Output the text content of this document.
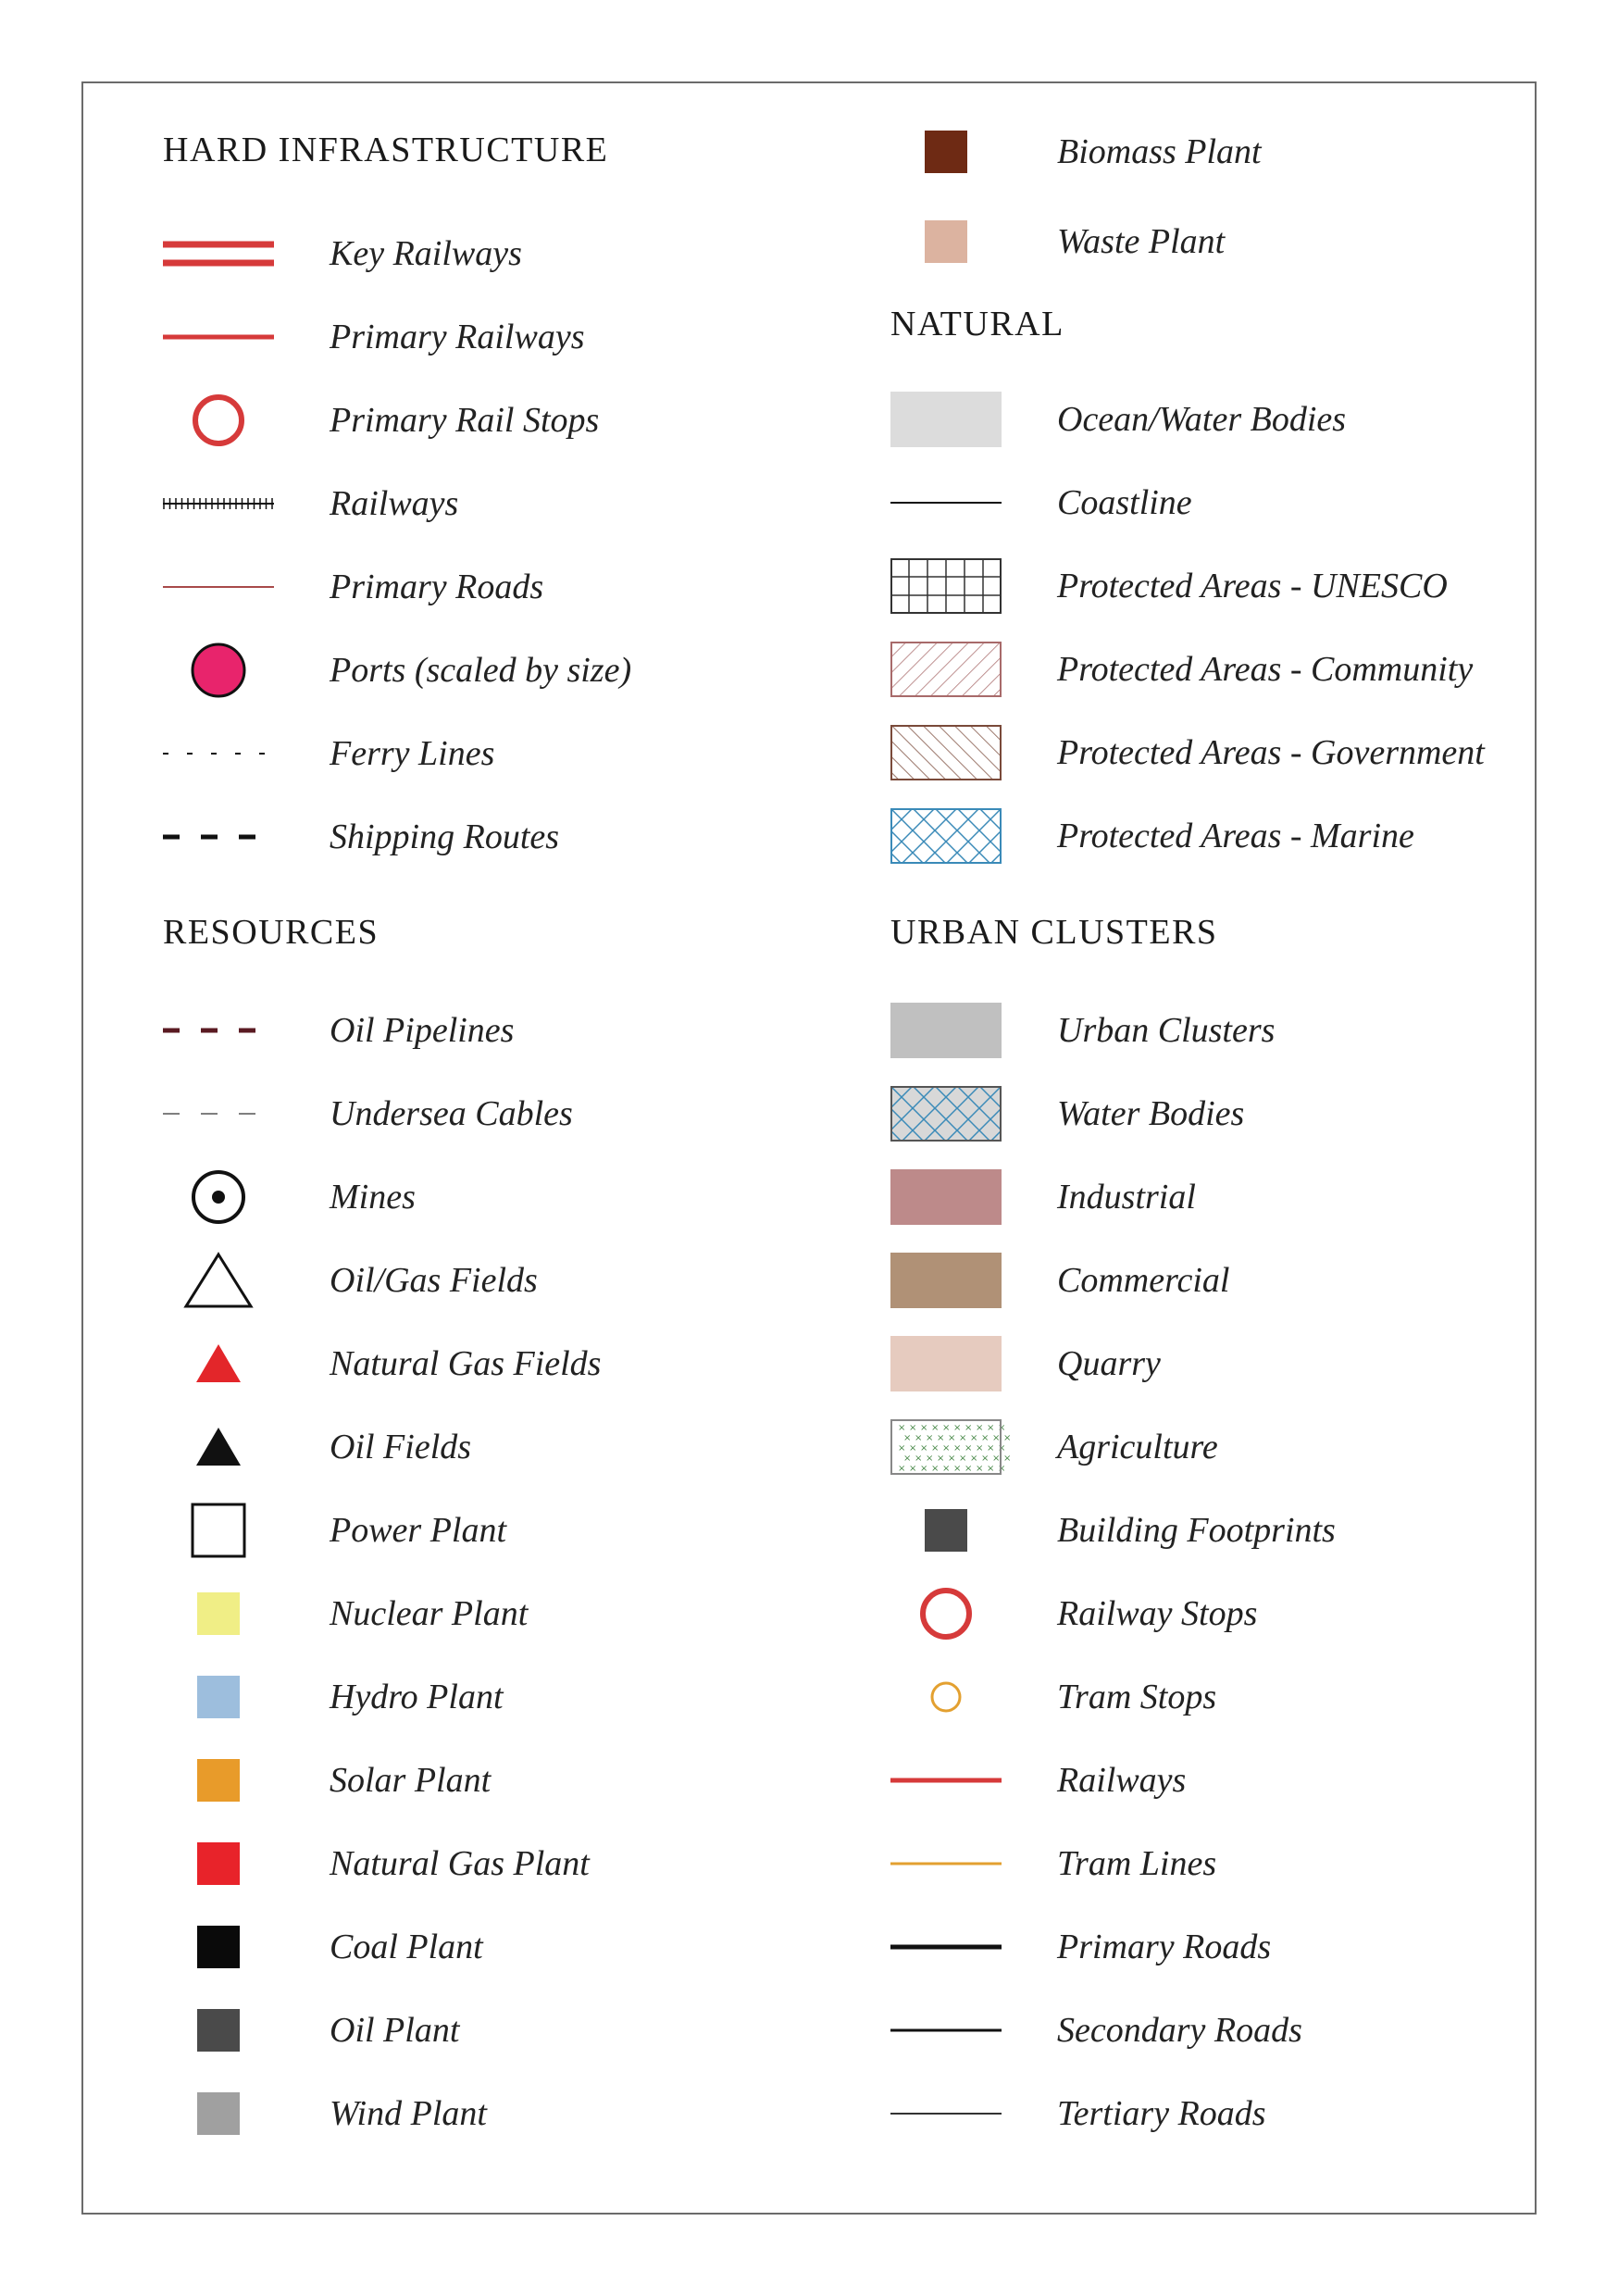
HARD INFRASTRUCTURE
RESOURCES
NATURAL
URBAN CLUSTERS
Key Railways
Primary Railways
Primary Rail Stops
Railways
Primary Roads
Ports (scaled by size)
Ferry Lines
Shipping Routes
Oil Pipelines
Undersea Cables
Mines
Oil/Gas Fields
Natural Gas Fields
Oil Fields
Power Plant
Nuclear Plant
Hydro Plant
Solar Plant
Natural Gas Plant
Coal Plant
Oil Plant
Wind Plant
Biomass Plant
Waste Plant
Ocean/Water Bodies
Coastline
Protected Areas - UNESCO
Protected Areas - Community
Protected Areas - Government
Protected Areas - Marine
Urban Clusters
Water Bodies
Industrial
Commercial
Quarry
× × × × × × × × × ×
× × × × × × × × × ×
× × × × × × × × × ×
× × × × × × × × × ×
× × × × × × × × × ×
Agriculture
Building Footprints
Railway Stops
Tram Stops
Railways
Tram Lines
Primary Roads
Secondary Roads
Tertiary Roads
